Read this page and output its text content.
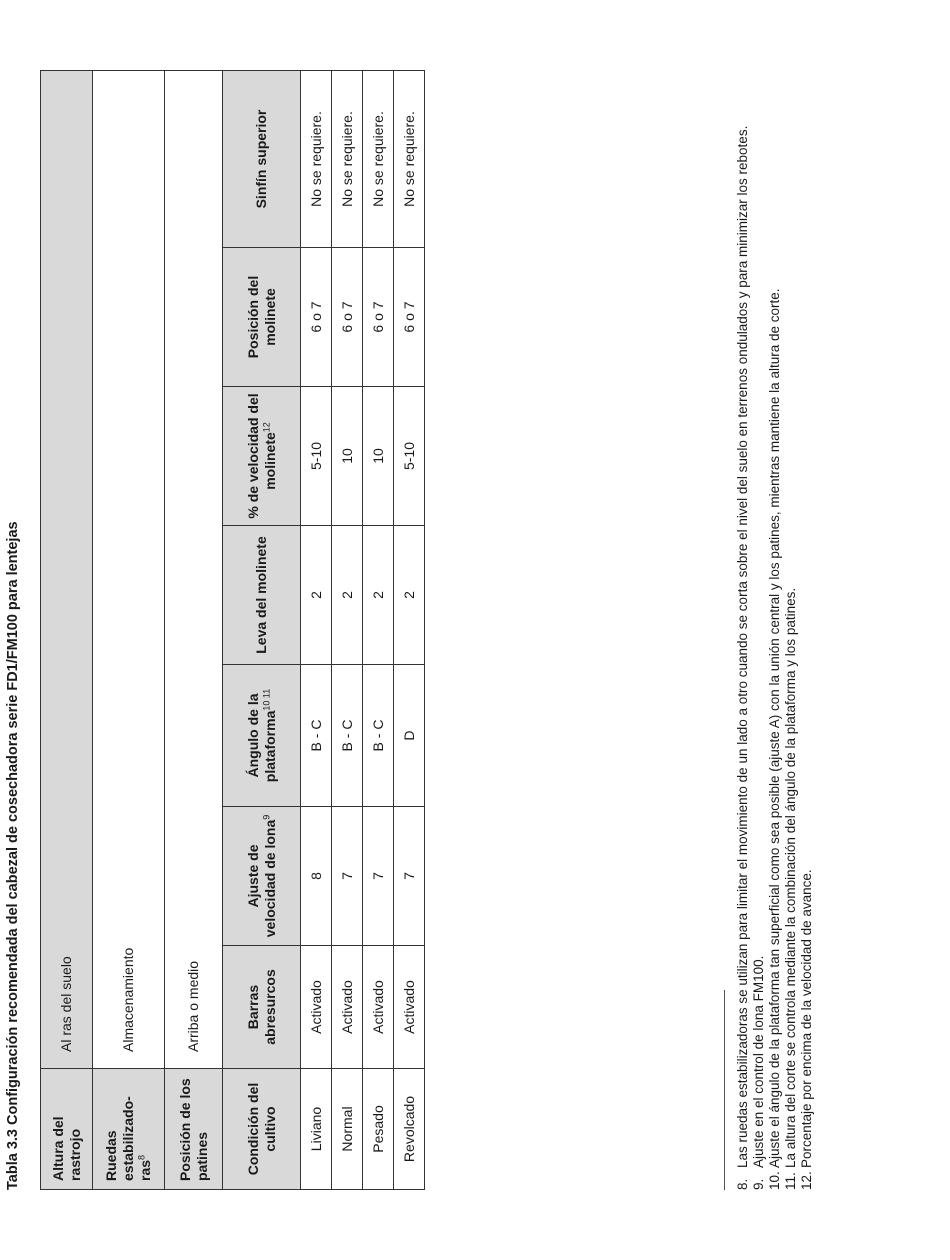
Tabla 3.3 Configuración recomendada del cabezal de cosechadora serie FD1/FM100 para lentejas Altura del rastrojo	Al ras del suelo						
Ruedas estabilizado-ras$^8$	Almacenamiento						
Posición de los patines	Arriba o medio						
Condición del cultivo	Barras abresurcos	Ajuste de velocidad de lona$^9$	Ángulo de la plataforma$^{10 11}$	Leva del molinete	% de velocidad del molinete$^{12}$	Posición del molinete	Sinfín superior
Liviano	Activado	8	B - C	2	5-10	6 o 7	No se requiere.
Normal	Activado	7	B - C	2	10	6 o 7	No se requiere.
Pesado	Activado	7	B - C	2	10	6 o 7	No se requiere.
Revolcado	Activado	7	D	2	5-10	6 o 7	No se requiere.
8.
Las ruedas estabilizadoras se utilizan para limitar el movimiento de un lado a otro cuando se corta sobre el nivel del suelo en terrenos ondulados y para minimizar los rebotes.
9.
Ajuste en el control de lona FM100.
10.
Ajuste el ángulo de la plataforma tan superficial como sea posible (ajuste A) con la unión central y los patines, mientras mantiene la altura de corte.
11.
La altura del corte se controla mediante la combinación del ángulo de la plataforma y los patines.
12.
Porcentaje por encima de la velocidad de avance.
